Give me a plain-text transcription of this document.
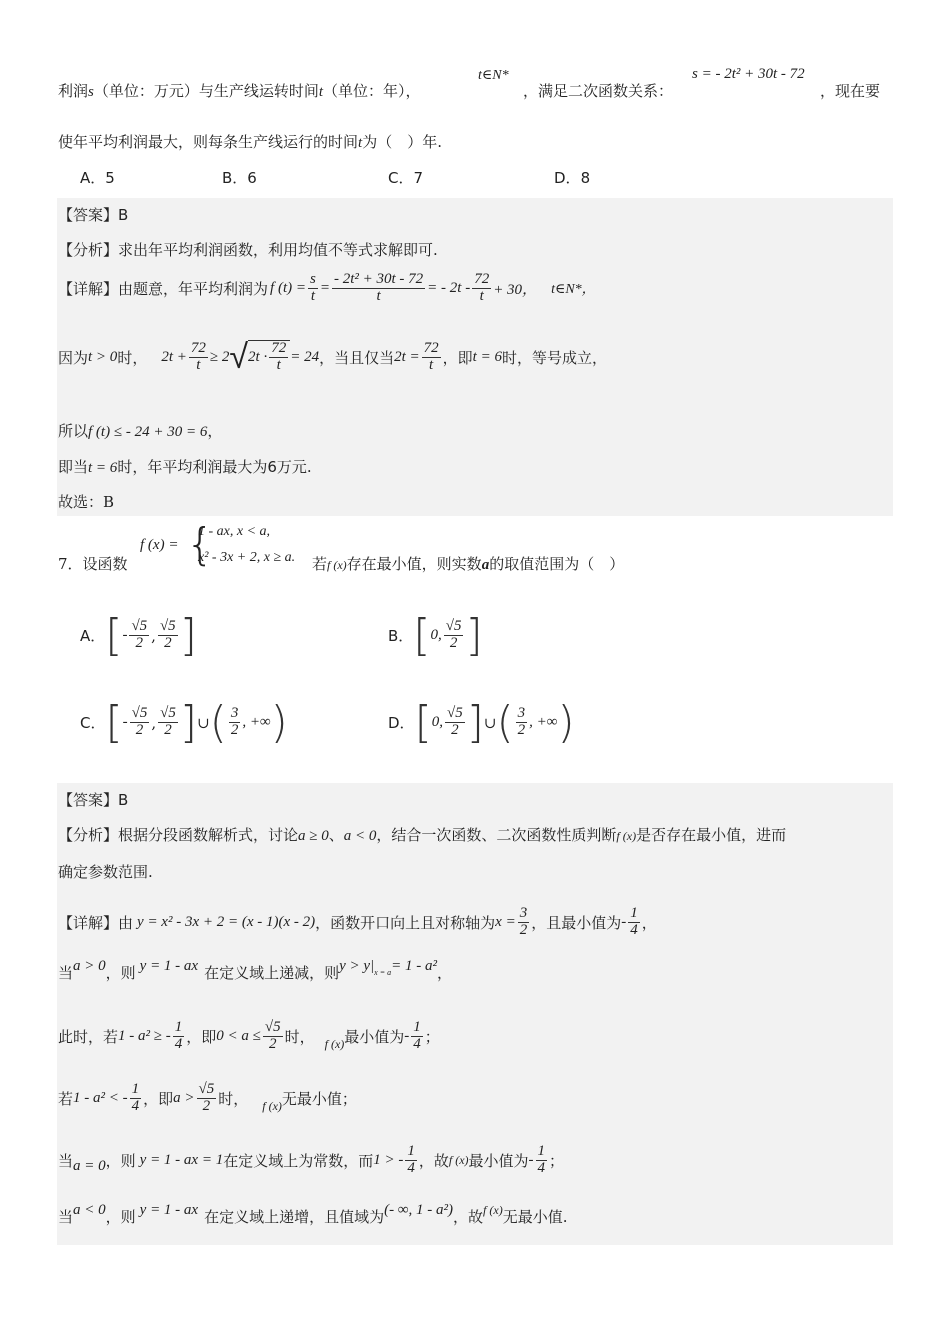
利润s（单位：万元）与生产线运转时间t（单位：年），
t∈N*
，满足二次函数关系：
s = - 2t² + 30t - 72
，现在要
使年平均利润最大，则每条生产线运行的时间t为（　）年.
A．5	B．6	C．7	D．8
【答案】B
【分析】求出年平均利润函数，利用均值不等式求解即可.
【详解】 由题意，年平均利润为 f $(t) = \frac{s}{t} = \frac{\text{- 2t² + 30t - 72}}{t}$ = - $2t - \frac{72}{t} + 30$， t∈N*，
因为 t > 0 时， $2t + \frac{72}{t} \ge 2$ √ $2t \cdot \frac{72}{t} = 24$ ，当且仅当 $2t = \frac{72}{t}$ ，即 t = 6 时，等号成立，
所以f (t) ≤ - 24 + 30 = 6，
即当t = 6时，年平均利润最大为6万元.
故选：B
7．设函数
f (x) = {
1 - ax, x < a,
x² - 3x + 2, x ≥ a. 若f (x)存在最小值，则实数a的取值范围为（　）
A． [ - $\frac{√5}{2}$ , $\frac{√5}{2}$ ]	B． [ 0, $\frac{√5}{2}$ ]
C． [ - $\frac{√5}{2}$ , $\frac{√5}{2}$ ] ∪ ( $\frac{3}{2}$ , +∞ )	D． [ 0, $\frac{√5}{2}$ ] ∪ ( $\frac{3}{2}$ , +∞ )
【答案】B
【分析】根据分段函数解析式，讨论a ≥ 0、a < 0，结合一次函数、二次函数性质判断f (x)是否存在最小值，进而
确定参数范围.
【详解】 由 y = x² - 3x + 2 = (x - 1)(x - 2) ，函数开口向上且对称轴为 $x = \frac{3}{2}$ ，且最小值为 - $\frac{1}{4}$ ，
当 a > 0 ，则 y = 1 - ax 在定义域上递减，则 y > y| x = a = 1 - a² ，
此时，若 1 - a² ≥ - $\frac{1}{4}$ ，即 $0 < a \le \frac{√5}{2}$ 时， f (x) 最小值为 - $\frac{1}{4}$ ；
若 1 - a² < - $\frac{1}{4}$ ，即 $a > \frac{√5}{2}$ 时， f (x) 无最小值；
当 a = 0 ，则 y = 1 - ax = 1 在定义域上为常数，而 1 > - $\frac{1}{4}$ ，故 f (x) 最小值为 - $\frac{1}{4}$ ；
当 a < 0 ，则 y = 1 - ax 在定义域上递增，且值域为 (- ∞, 1 - a²) ，故 f (x) 无最小值.
